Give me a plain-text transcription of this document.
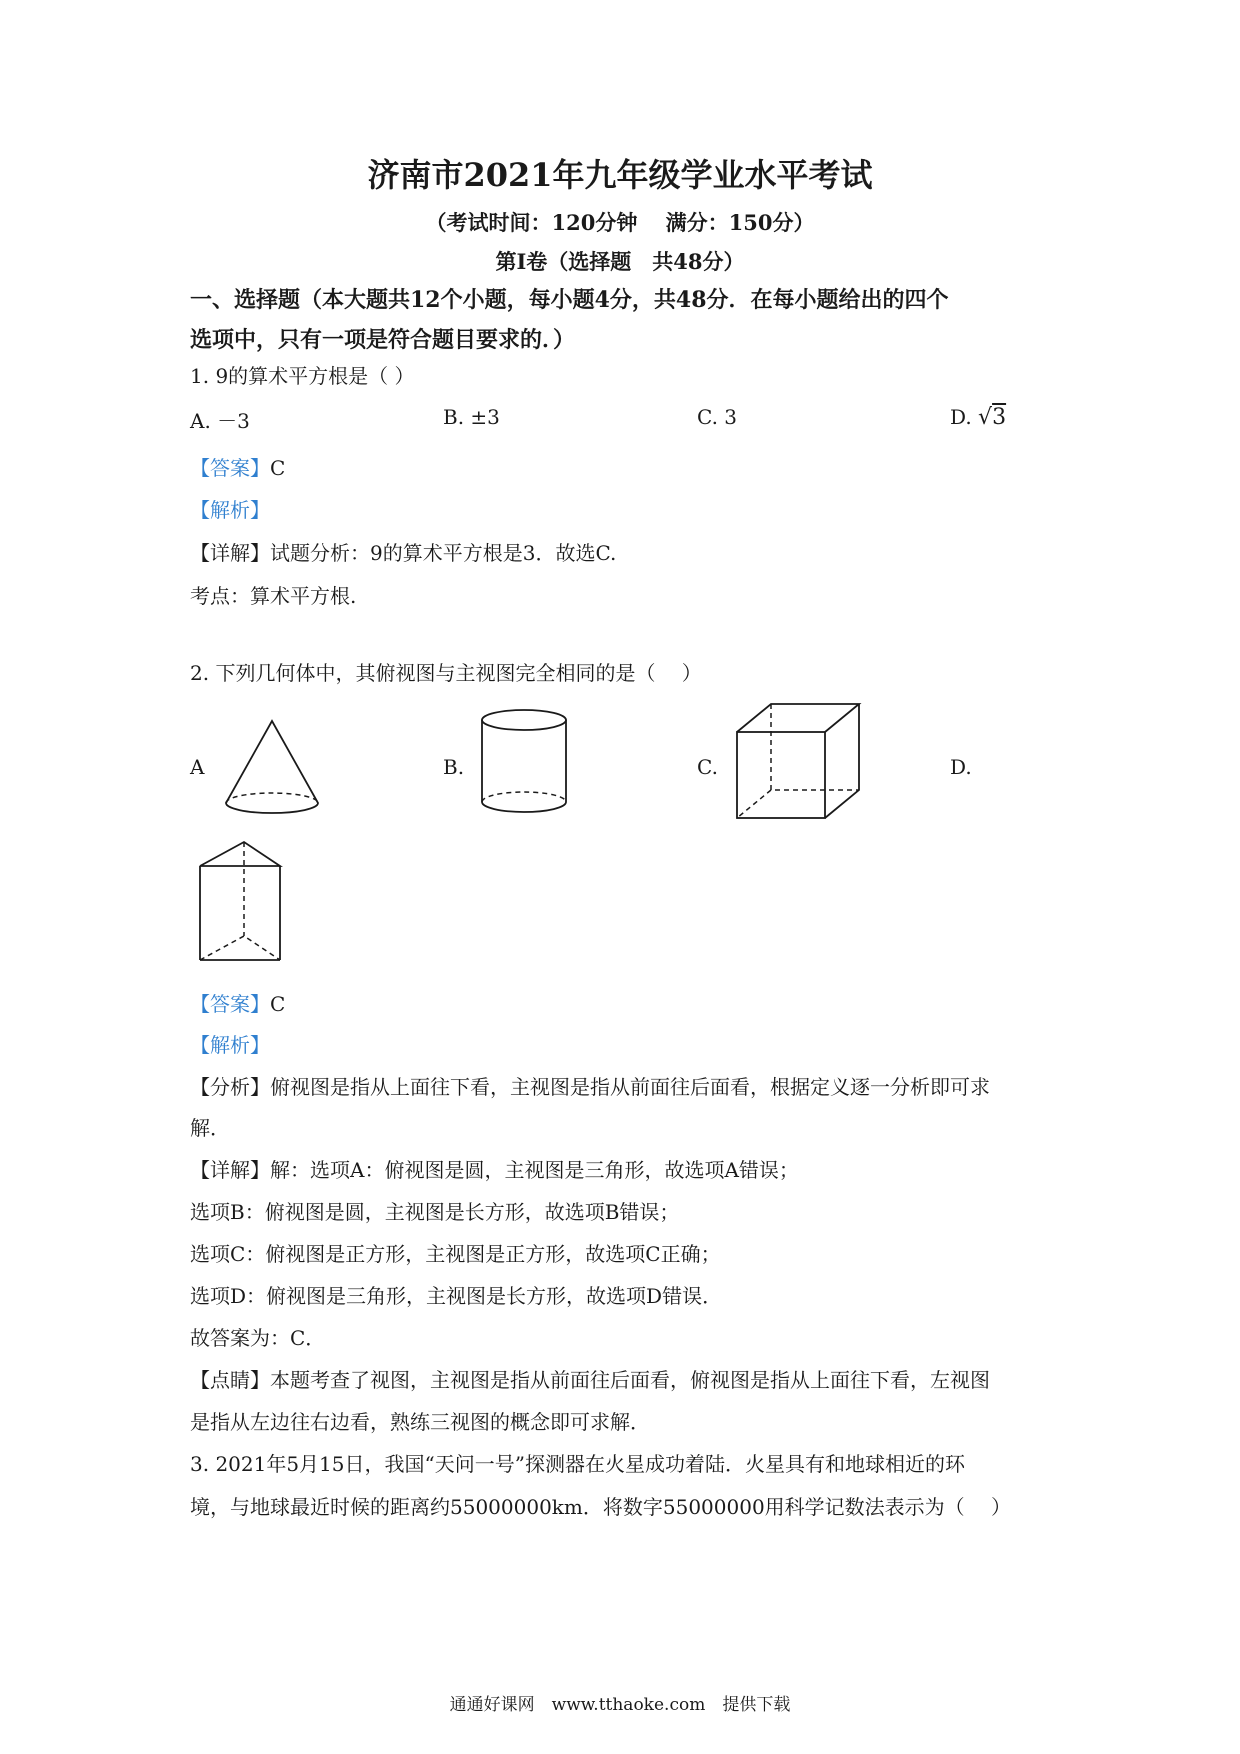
济南市2021年九年级学业水平考试
（考试时间：120分钟　 满分：150分）
第Ⅰ卷（选择题　共48分）
一、选择题（本大题共12个小题，每小题4分，共48分．在每小题给出的四个
选项中，只有一项是符合题目要求的．）
1. 9的算术平方根是（ ）
A. －3	B. ±3	C. 3	D. √3
【答案】C
【解析】
【详解】试题分析：9的算术平方根是3．故选C.
考点：算术平方根.
2. 下列几何体中，其俯视图与主视图完全相同的是（　 ）
A	B.	C.	D.
【答案】C
【解析】
【分析】俯视图是指从上面往下看，主视图是指从前面往后面看，根据定义逐一分析即可求
解．
【详解】解：选项A：俯视图是圆，主视图是三角形，故选项A错误；
选项B：俯视图是圆，主视图是长方形，故选项B错误；
选项C：俯视图是正方形，主视图是正方形，故选项C正确；
选项D：俯视图是三角形，主视图是长方形，故选项D错误．
故答案为：C．
【点睛】本题考查了视图，主视图是指从前面往后面看，俯视图是指从上面往下看，左视图
是指从左边往右边看，熟练三视图的概念即可求解．
3. 2021年5月15日，我国“天问一号”探测器在火星成功着陆．火星具有和地球相近的环
境，与地球最近时候的距离约55000000km．将数字55000000用科学记数法表示为（　 ）
通通好课网　www.tthaoke.com　提供下载
